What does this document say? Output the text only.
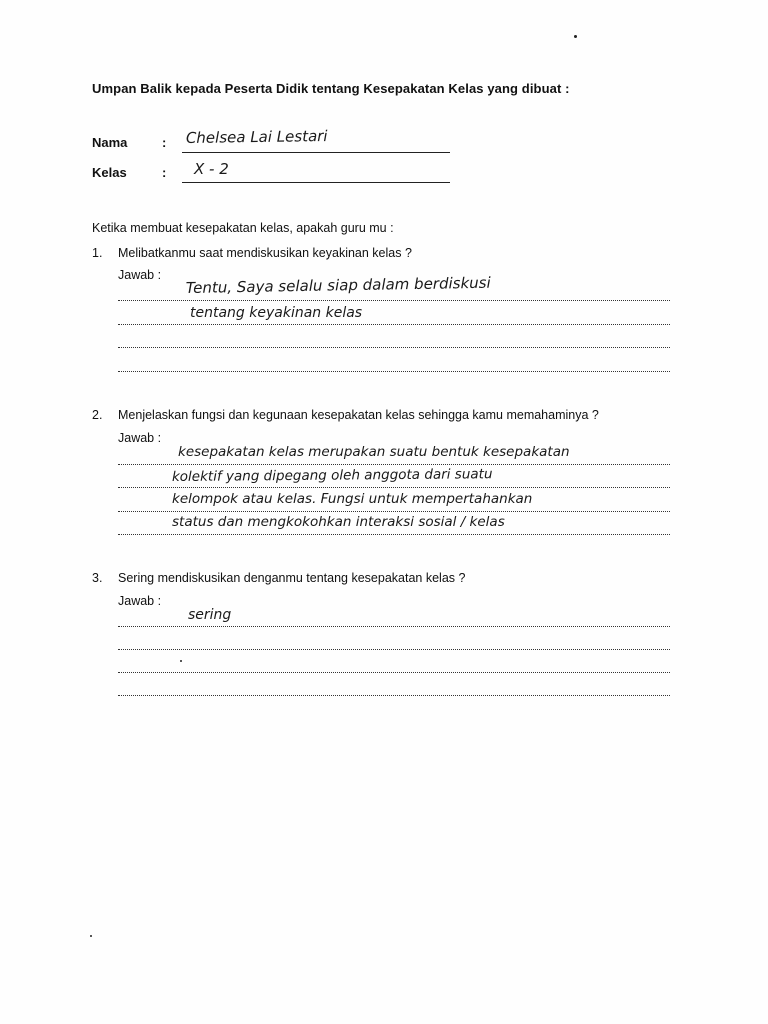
Umpan Balik kepada Peserta Didik tentang Kesepakatan Kelas yang dibuat :
Nama	: Chelsea Lai Lestari
Kelas	: X - 2
Ketika membuat kesepakatan kelas, apakah guru mu :
1. Melibatkanmu saat mendiskusikan keyakinan kelas ?
Jawab : Tentu, Saya selalu siap dalam berdiskusi
tentang keyakinan kelas
2. Menjelaskan fungsi dan kegunaan kesepakatan kelas sehingga kamu memahaminya ?
Jawab :
kesepakatan kelas merupakan suatu bentuk kesepakatan
kolektif yang dipegang oleh anggota dari suatu
kelompok atau kelas. Fungsi untuk mempertahankan
status dan mengkokohkan interaksi sosial / kelas
3. Sering mendiskusikan denganmu tentang kesepakatan kelas ?
Jawab :
sering
